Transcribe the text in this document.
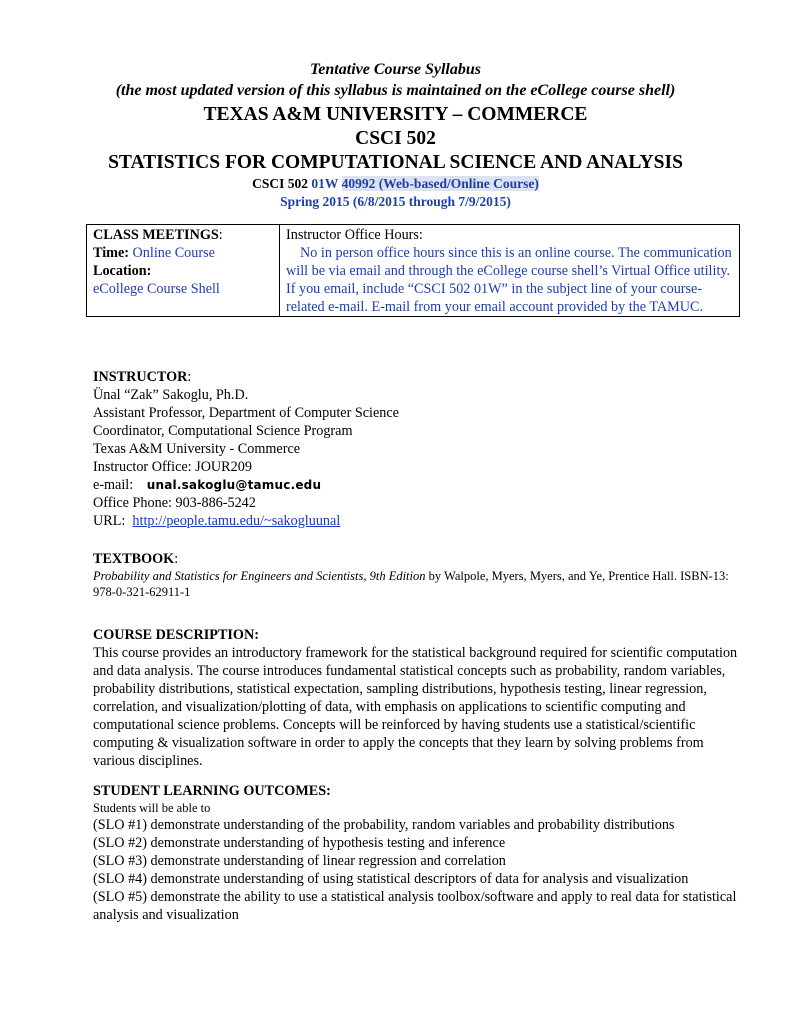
Tentative Course Syllabus
(the most updated version of this syllabus is maintained on the eCollege course shell)
TEXAS A&M UNIVERSITY – COMMERCE
CSCI 502
STATISTICS FOR COMPUTATIONAL SCIENCE AND ANALYSIS
CSCI 502 01W 40992 (Web-based/Online Course)
Spring 2015 (6/8/2015 through 7/9/2015)
CLASS MEETINGS:
Time: Online Course
Location:
eCollege Course Shell

Instructor Office Hours:
No in person office hours since this is an online course. The communication will be via email and through the eCollege course shell’s Virtual Office utility.
If you email, include “CSCI 502 01W” in the subject line of your course-related e-mail. E-mail from your email account provided by the TAMUC.
INSTRUCTOR:
Ünal “Zak” Sakoglu, Ph.D.
Assistant Professor, Department of Computer Science
Coordinator, Computational Science Program
Texas A&M University - Commerce
Instructor Office: JOUR209
e-mail: unal.sakoglu@tamuc.edu
Office Phone: 903-886-5242
URL: http://people.tamu.edu/~sakogluunal
TEXTBOOK:
Probability and Statistics for Engineers and Scientists, 9th Edition by Walpole, Myers, Myers, and Ye, Prentice Hall. ISBN-13: 978-0-321-62911-1
COURSE DESCRIPTION:
This course provides an introductory framework for the statistical background required for scientific computation and data analysis. The course introduces fundamental statistical concepts such as probability, random variables, probability distributions, statistical expectation, sampling distributions, hypothesis testing, linear regression, correlation, and visualization/plotting of data, with emphasis on applications to scientific computing and computational science problems. Concepts will be reinforced by having students use a statistical/scientific computing & visualization software in order to apply the concepts that they learn by solving problems from various disciplines.
STUDENT LEARNING OUTCOMES:
Students will be able to
(SLO #1) demonstrate understanding of the probability, random variables and probability distributions
(SLO #2) demonstrate understanding of hypothesis testing and inference
(SLO #3) demonstrate understanding of linear regression and correlation
(SLO #4) demonstrate understanding of using statistical descriptors of data for analysis and visualization
(SLO #5) demonstrate the ability to use a statistical analysis toolbox/software and apply to real data for statistical analysis and visualization
